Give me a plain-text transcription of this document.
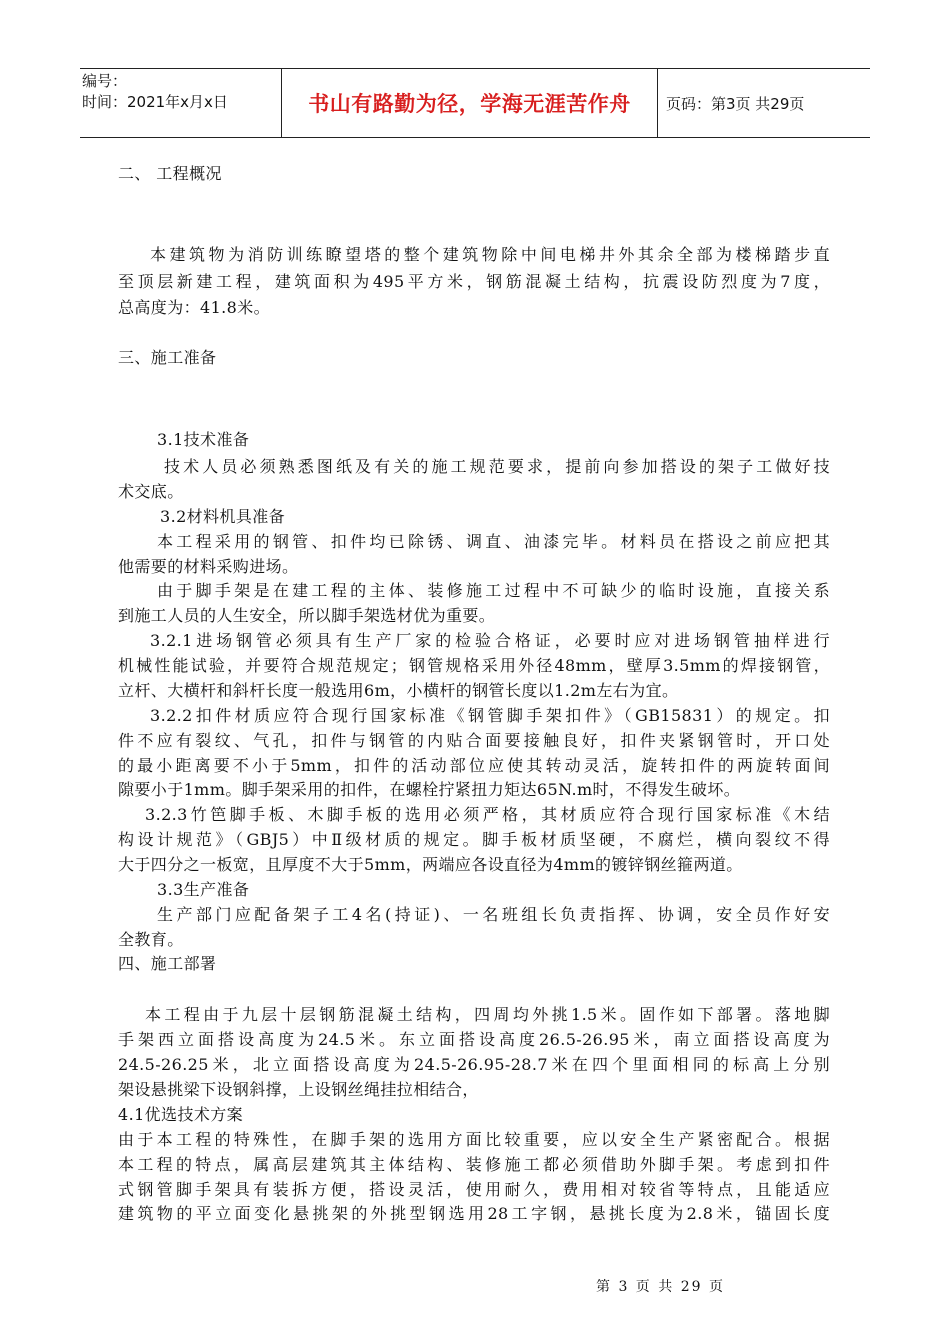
编号：
时间：2021年x月x日	书山有路勤为径，学海无涯苦作舟	页码：第3页 共29页
二、 工程概况
本建筑物为消防训练瞭望塔的整个建筑物除中间电梯井外其余全部为楼梯踏步直
至顶层新建工程，建筑面积为495平方米，钢筋混凝土结构，抗震设防烈度为7度，
总高度为：41.8米。
三、施工准备
3.1技术准备
技术人员必须熟悉图纸及有关的施工规范要求，提前向参加搭设的架子工做好技
术交底。
3.2材料机具准备
本工程采用的钢管、扣件均已除锈、调直、油漆完毕。材料员在搭设之前应把其
他需要的材料采购进场。
由于脚手架是在建工程的主体、装修施工过程中不可缺少的临时设施，直接关系
到施工人员的人生安全，所以脚手架选材优为重要。
3.2.1进场钢管必须具有生产厂家的检验合格证，必要时应对进场钢管抽样进行
机械性能试验，并要符合规范规定；钢管规格采用外径48mm，壁厚3.5mm的焊接钢管，
立杆、大横杆和斜杆长度一般选用6m，小横杆的钢管长度以1.2m左右为宜。
3.2.2扣件材质应符合现行国家标准《钢管脚手架扣件》（GB15831）的规定。扣
件不应有裂纹、气孔，扣件与钢管的内贴合面要接触良好，扣件夹紧钢管时，开口处
的最小距离要不小于5mm，扣件的活动部位应使其转动灵活，旋转扣件的两旋转面间
隙要小于1mm。脚手架采用的扣件，在螺栓拧紧扭力矩达65N.m时，不得发生破坏。
3.2.3竹笆脚手板、木脚手板的选用必须严格，其材质应符合现行国家标准《木结
构设计规范》（GBJ5）中Ⅱ级材质的规定。脚手板材质坚硬，不腐烂，横向裂纹不得
大于四分之一板宽，且厚度不大于5mm，两端应各设直径为4mm的镀锌钢丝箍两道。
3.3生产准备
生产部门应配备架子工4名(持证)、一名班组长负责指挥、协调，安全员作好安
全教育。
四、施工部署
本工程由于九层十层钢筋混凝土结构，四周均外挑1.5米。固作如下部署。落地脚
手架西立面搭设高度为24.5米。东立面搭设高度26.5-26.95米，南立面搭设高度为
24.5-26.25米，北立面搭设高度为24.5-26.95-28.7米在四个里面相同的标高上分别
架设悬挑梁下设钢斜撑，上设钢丝绳挂拉相结合，
4.1优选技术方案
由于本工程的特殊性，在脚手架的选用方面比较重要，应以安全生产紧密配合。根据
本工程的特点，属高层建筑其主体结构、装修施工都必须借助外脚手架。考虑到扣件
式钢管脚手架具有装拆方便，搭设灵活，使用耐久，费用相对较省等特点，且能适应
建筑物的平立面变化悬挑架的外挑型钢选用28工字钢，悬挑长度为2.8米，锚固长度
第 3 页 共 29 页
